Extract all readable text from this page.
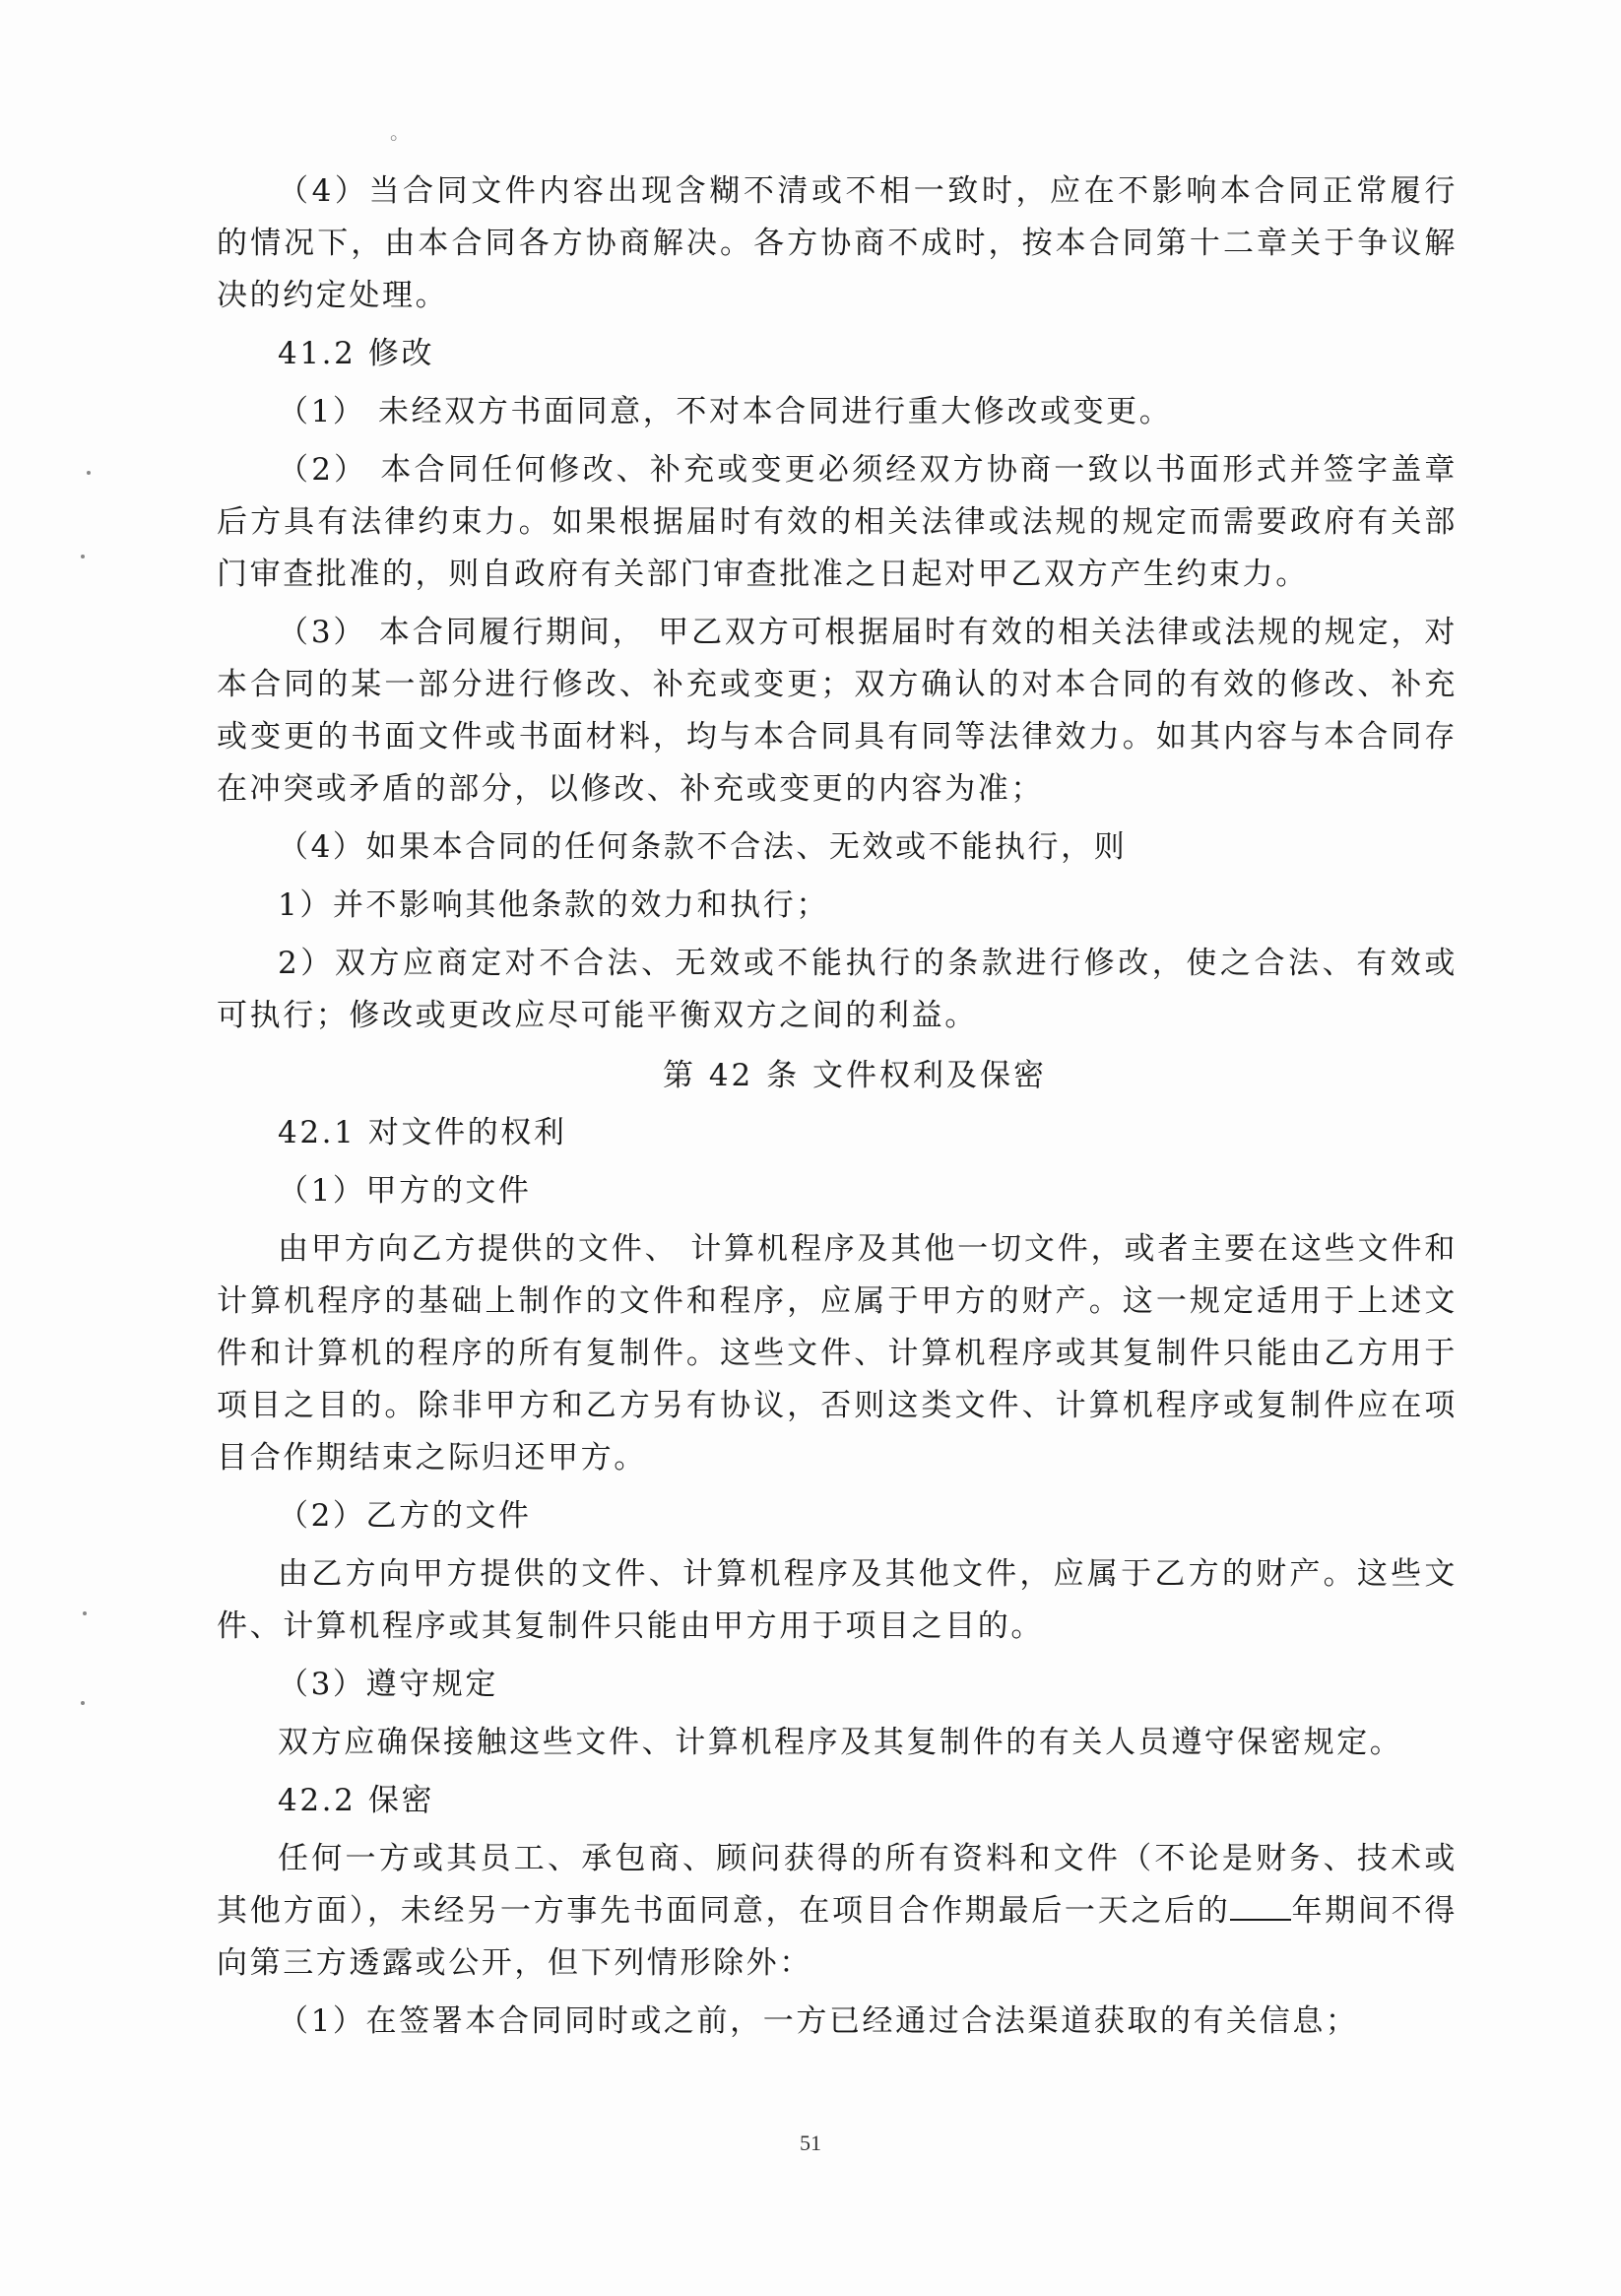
。

（4）当合同文件内容出现含糊不清或不相一致时，应在不影响本合同正常履行的情况下，由本合同各方协商解决。各方协商不成时，按本合同第十二章关于争议解决的约定处理。

41.2 修改

（1） 未经双方书面同意，不对本合同进行重大修改或变更。

（2） 本合同任何修改、补充或变更必须经双方协商一致以书面形式并签字盖章后方具有法律约束力。如果根据届时有效的相关法律或法规的规定而需要政府有关部门审查批准的，则自政府有关部门审查批准之日起对甲乙双方产生约束力。

（3） 本合同履行期间， 甲乙双方可根据届时有效的相关法律或法规的规定，对本合同的某一部分进行修改、补充或变更；双方确认的对本合同的有效的修改、补充或变更的书面文件或书面材料，均与本合同具有同等法律效力。如其内容与本合同存在冲突或矛盾的部分，以修改、补充或变更的内容为准；

（4）如果本合同的任何条款不合法、无效或不能执行，则

1）并不影响其他条款的效力和执行；

2）双方应商定对不合法、无效或不能执行的条款进行修改，使之合法、有效或可执行；修改或更改应尽可能平衡双方之间的利益。

第 42 条 文件权利及保密

42.1 对文件的权利

（1）甲方的文件

由甲方向乙方提供的文件、 计算机程序及其他一切文件，或者主要在这些文件和计算机程序的基础上制作的文件和程序，应属于甲方的财产。这一规定适用于上述文件和计算机的程序的所有复制件。这些文件、计算机程序或其复制件只能由乙方用于项目之目的。除非甲方和乙方另有协议，否则这类文件、计算机程序或复制件应在项目合作期结束之际归还甲方。

（2）乙方的文件

由乙方向甲方提供的文件、计算机程序及其他文件，应属于乙方的财产。这些文件、计算机程序或其复制件只能由甲方用于项目之目的。

（3）遵守规定

双方应确保接触这些文件、计算机程序及其复制件的有关人员遵守保密规定。

42.2 保密

任何一方或其员工、承包商、顾问获得的所有资料和文件（不论是财务、技术或其他方面），未经另一方事先书面同意，在项目合作期最后一天之后的 年期间不得向第三方透露或公开，但下列情形除外：

（1）在签署本合同同时或之前，一方已经通过合法渠道获取的有关信息；

51
